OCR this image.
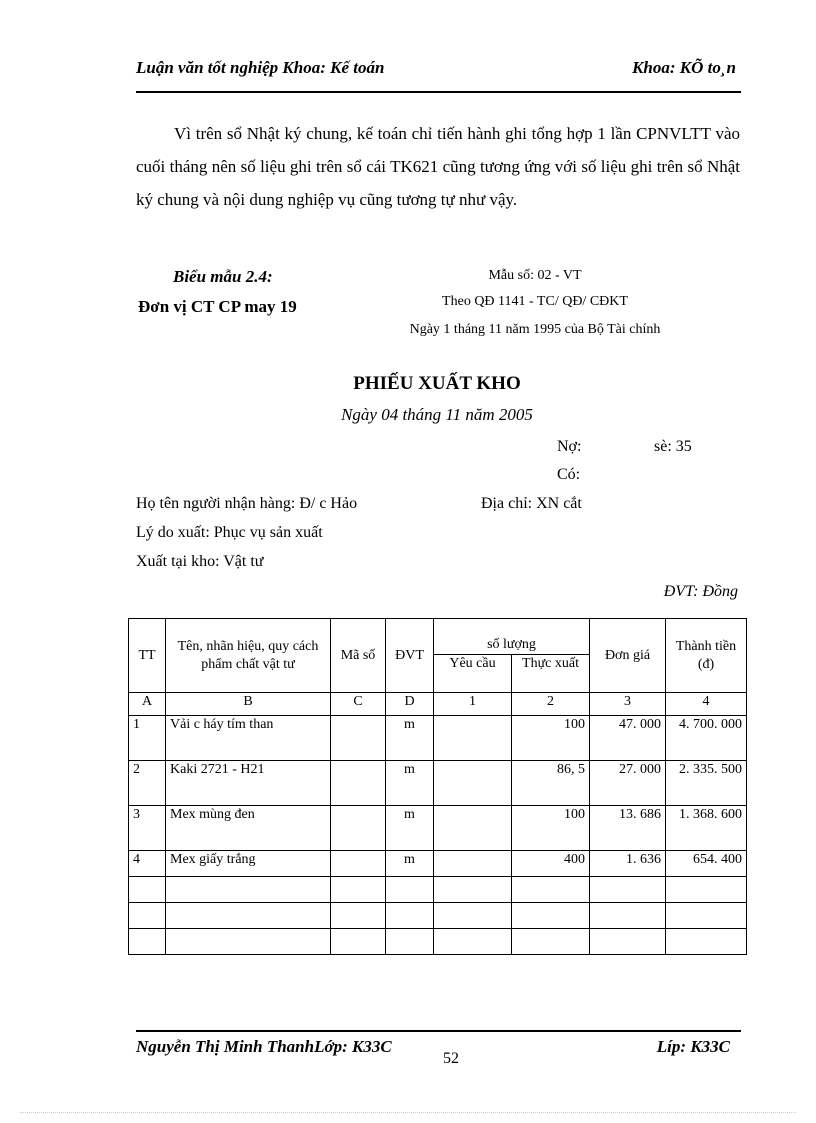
Luận văn tốt nghiệp Khoa: Kế toán	Khoa: KÕ to¸n
Vì trên sổ Nhật ký chung, kế toán chỉ tiến hành ghi tổng hợp 1 lần CPNVLTT vào cuối tháng nên số liệu ghi trên sổ cái TK621 cũng tương ứng với số liệu ghi trên sổ Nhật ký chung và nội dung nghiệp vụ cũng tương tự như vậy.
Biểu mẫu 2.4:
Đơn vị CT CP may 19
Mẫu số: 02 - VT
Theo QĐ 1141 - TC/ QĐ/ CĐKT
Ngày 1 tháng 11 năm 1995 của Bộ Tài chính
PHIẾU XUẤT KHO
Ngày 04 tháng 11 năm 2005
Nợ:	sè: 35
Có:
Họ tên người nhận hàng: Đ/ c Hảo	Địa chỉ: XN cắt
Lý do xuất: Phục vụ sản xuất
Xuất tại kho: Vật tư
ĐVT: Đồng
TT	Tên, nhãn hiệu, quy cách phẩm chất vật tư	Mã số	ĐVT	số lượng		Đơn giá	Thành tiền (đ)
				Yêu cầu	Thực xuất		
A	B	C	D	1	2	3	4
1	Vải c háy tím than		m		100	47. 000	4. 700. 000
2	Kaki 2721 - H21		m		86, 5	27. 000	2. 335. 500
3	Mex mùng đen		m		100	13. 686	1. 368. 600
4	Mex giấy trắng		m		400	1. 636	654. 400

Nguyễn Thị Minh ThanhLớp: K33C
52
Líp: K33C
